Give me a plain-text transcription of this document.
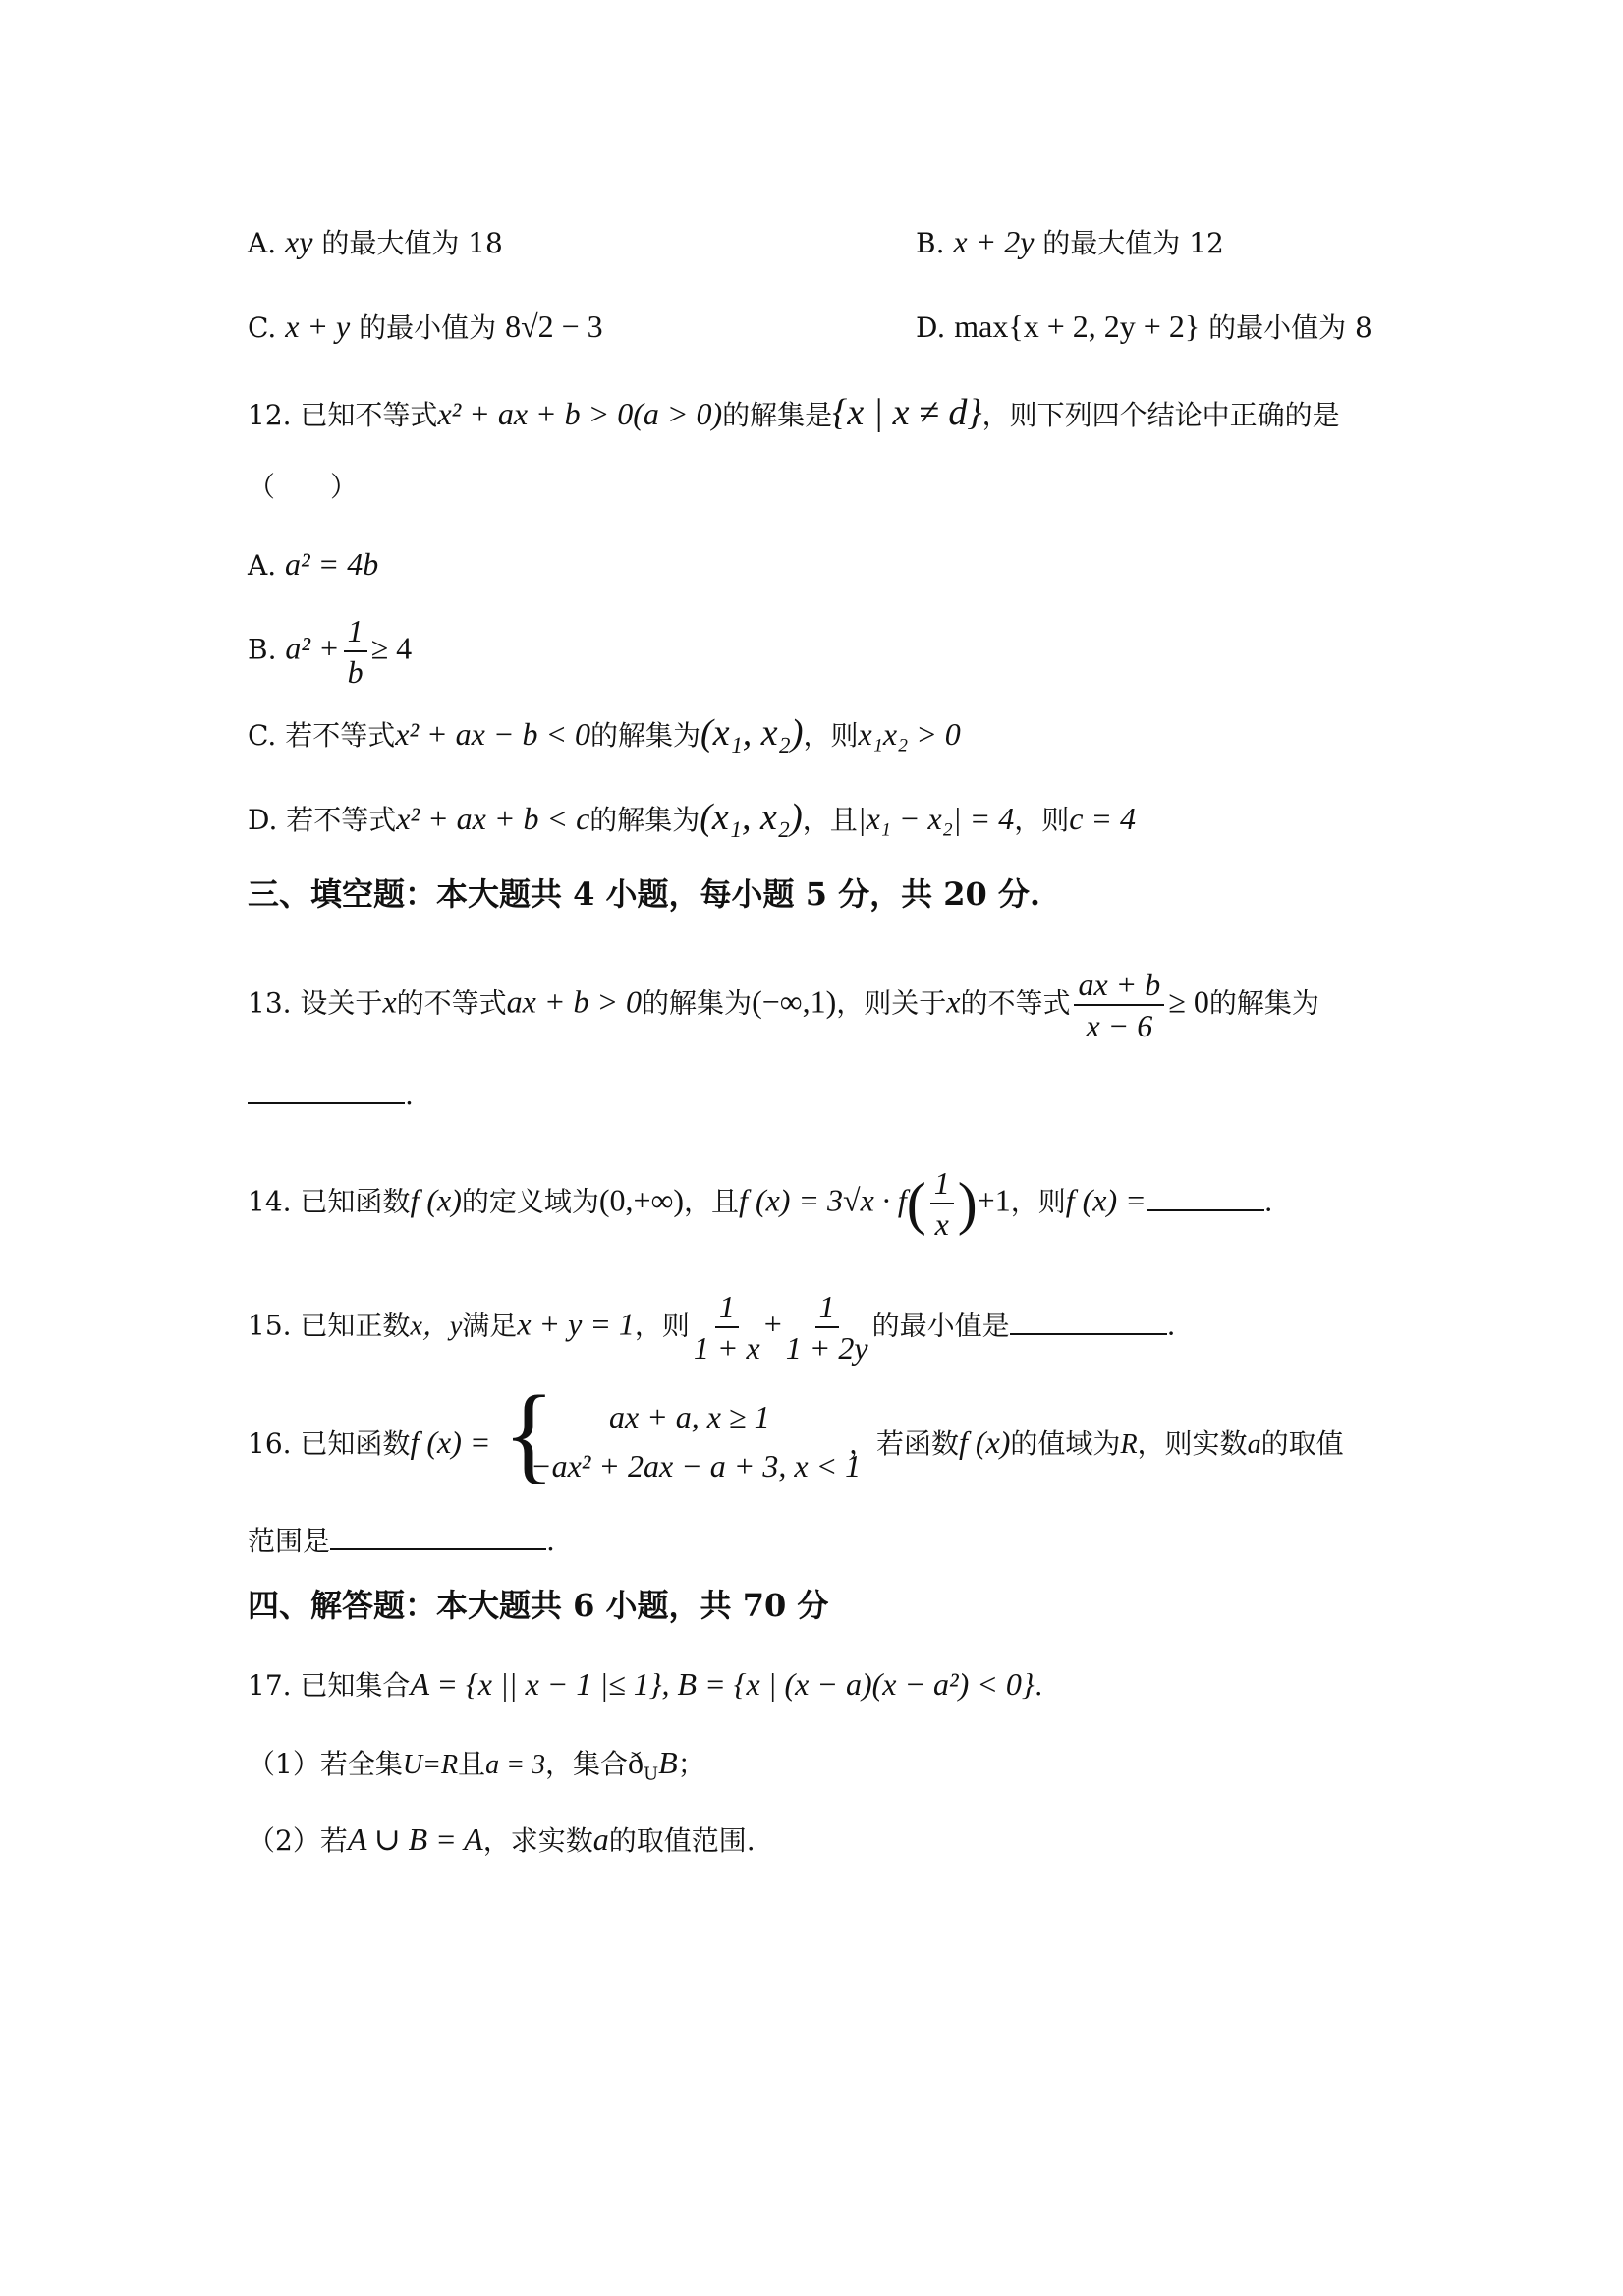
A. xy 的最大值为 18	B. x + 2y 的最大值为 12
C. x + y 的最小值为 8√2 − 3	D. max{x + 2, 2y + 2} 的最小值为 8
12. 已知不等式x² + ax + b > 0(a > 0)的解集是{x | x ≠ d}，则下列四个结论中正确的是
（　　）
A. a² = 4b
B. $a^2 + \frac{1}{b} \ge 4$
C. 若不等式x² + ax − b < 0的解集为(x₁, x₂)，则x₁x₂ > 0
D. 若不等式x² + ax + b < c的解集为(x₁, x₂)，且|x₁ − x₂| = 4，则c = 4
三、填空题：本大题共 4 小题，每小题 5 分，共 20 分.
13. 设关于x的不等式ax + b > 0的解集为(−∞,1)，则关于x的不等式 $\frac{ax + b}{x - 6} \ge 0$的解集为
.
14. 已知函数f (x)的定义域为(0,+∞)，且f $(x) = 3√x \cdot f( \frac{1}{x} )+1$，则f (x) =	.
15. 已知正数x，y满足x + y = 1，则 $\frac{1}{1 + x} + \frac{1}{1 + 2y}$ 的最小值是	.
16. 已知函数f (x) = { ax + a, x ≥ 1
−ax² + 2ax − a + 3, x < 1
，若函数f (x)的值域为R，则实数a的取值
范围是	.
四、解答题：本大题共 6 小题，共 70 分
17. 已知集合A = {x || x − 1 |≤ 1}, B = {x | (x − a)(x − a²) < 0}.
（1）若全集U=R且a = 3，集合$ð_UB$；
（2）若A ∪ B = A，求实数a的取值范围.
